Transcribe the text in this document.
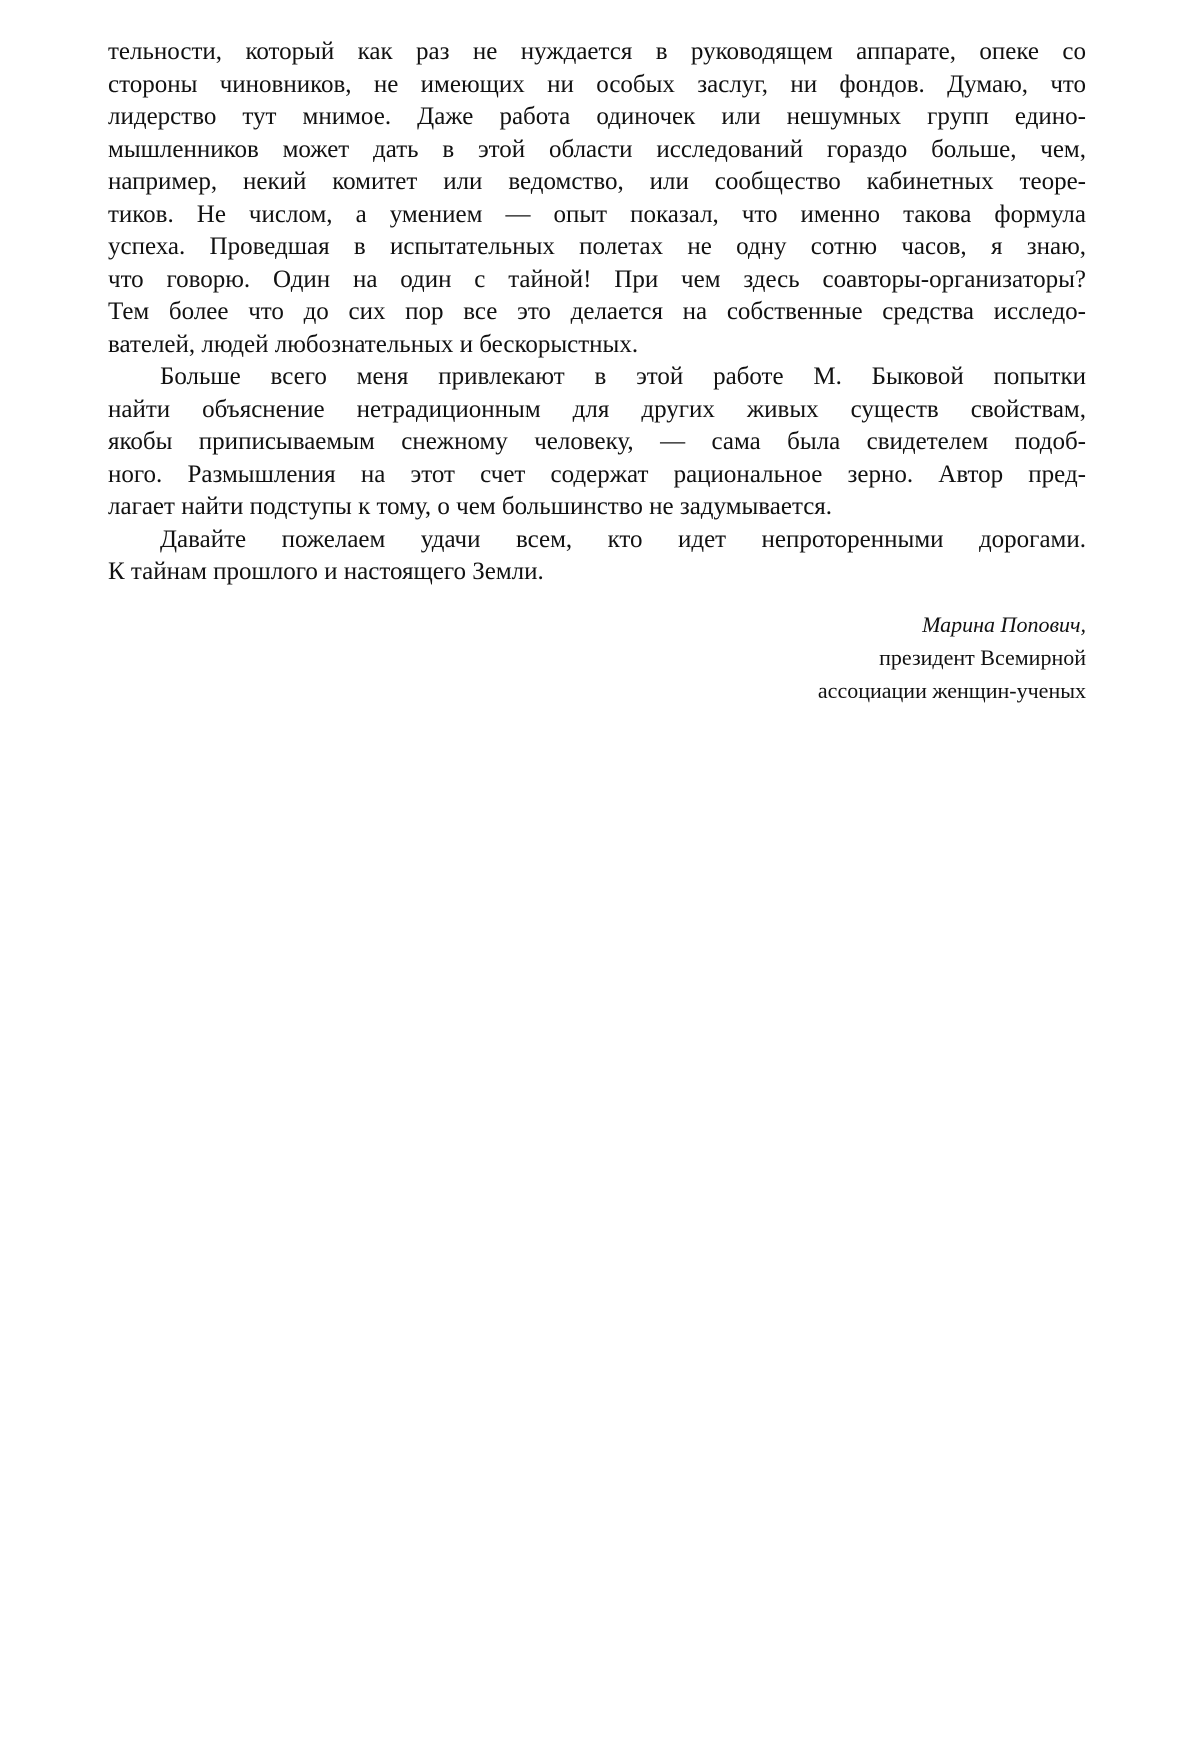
тельности, который как раз не нуждается в руководящем аппарате, опеке со
стороны чиновников, не имеющих ни особых заслуг, ни фондов. Думаю, что
лидерство тут мнимое. Даже работа одиночек или нешумных групп едино-
мышленников может дать в этой области исследований гораздо больше, чем,
например, некий комитет или ведомство, или сообщество кабинетных теоре-
тиков. Не числом, а умением — опыт показал, что именно такова формула
успеха. Проведшая в испытательных полетах не одну сотню часов, я знаю,
что говорю. Один на один с тайной! При чем здесь соавторы-организаторы?
Тем более что до сих пор все это делается на собственные средства исследо-
вателей, людей любознательных и бескорыстных.
Больше всего меня привлекают в этой работе М. Быковой попытки
найти объяснение нетрадиционным для других живых существ свойствам,
якобы приписываемым снежному человеку, — сама была свидетелем подоб-
ного. Размышления на этот счет содержат рациональное зерно. Автор пред-
лагает найти подступы к тому, о чем большинство не задумывается.
Давайте пожелаем удачи всем, кто идет непроторенными дорогами.
К тайнам прошлого и настоящего Земли.
Марина Попович,
президент Всемирной
ассоциации женщин-ученых
